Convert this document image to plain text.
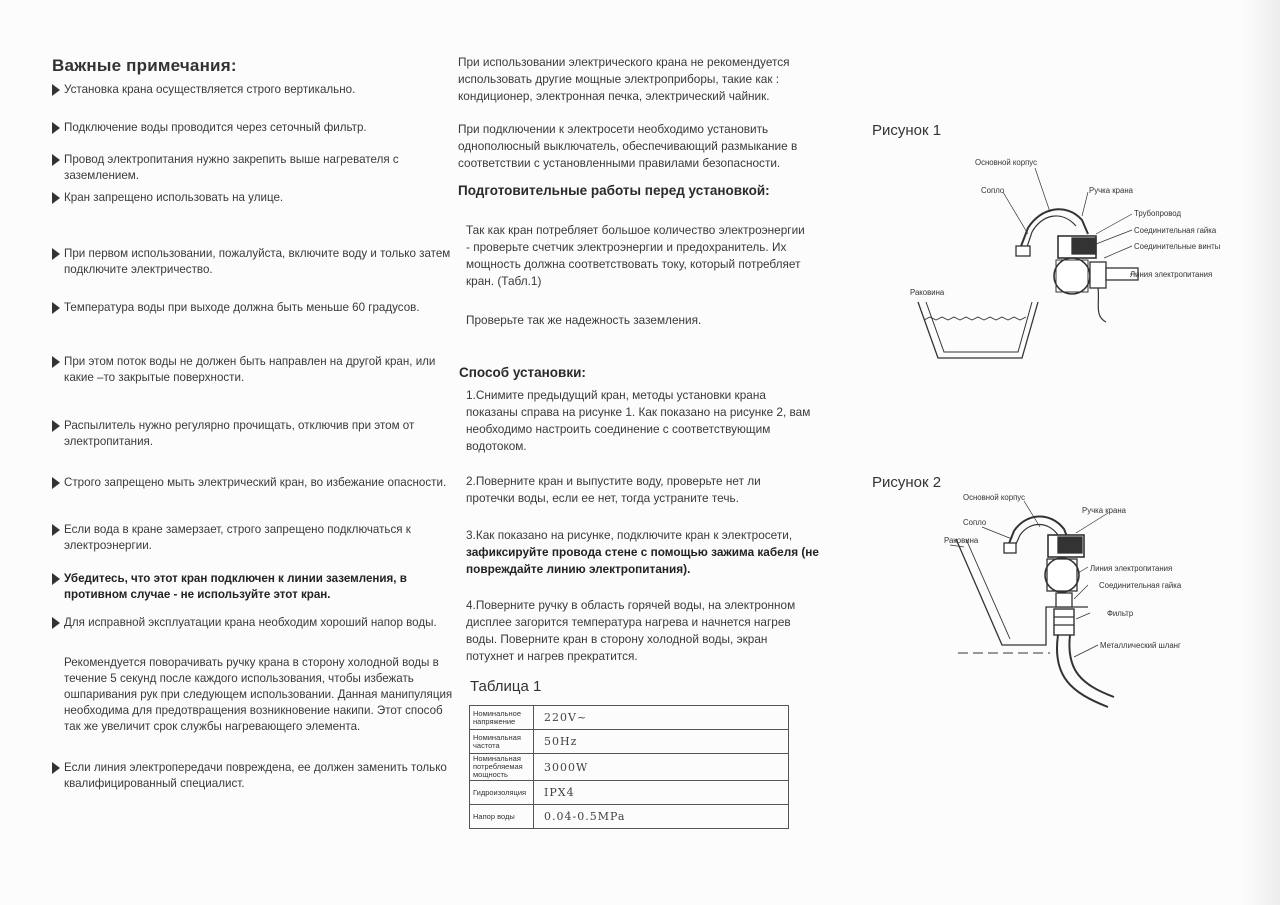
Важные примечания:
Установка крана осуществляется строго вертикально.
Подключение воды проводится через сеточный фильтр.
Провод электропитания нужно закрепить выше нагревателя с заземлением.
Кран запрещено использовать на улице.
При первом использовании, пожалуйста, включите воду и только затем подключите электричество.
Температура воды при выходе должна быть меньше 60 градусов.
При этом поток воды не должен быть направлен на другой кран, или какие –то закрытые поверхности.
Распылитель нужно регулярно прочищать, отключив при этом от электропитания.
Строго запрещено мыть электрический кран, во избежание опасности.
Если вода в кране замерзает, строго запрещено подключаться к электроэнергии.
Убедитесь, что этот кран подключен к линии заземления, в противном случае - не используйте этот кран.
Для исправной эксплуатации крана необходим хороший напор воды.
Рекомендуется поворачивать ручку крана в сторону холодной воды в течение 5 секунд после каждого использования, чтобы избежать ошпаривания рук при следующем использовании. Данная манипуляция необходима для предотвращения возникновение накипи. Этот способ так же увеличит срок службы нагревающего элемента.
Если линия электропередачи повреждена, ее должен заменить только квалифицированный специалист.
При использовании электрического крана не рекомендуется использовать другие мощные электроприборы, такие как : кондиционер, электронная печка, электрический чайник.
При подключении к электросети необходимо установить однополюсный выключатель, обеспечивающий размыкание в соответствии с установленными правилами безопасности.
Подготовительные работы перед установкой:
Так как кран потребляет большое количество электроэнергии - проверьте счетчик электроэнергии и предохранитель. Их мощность должна соответствовать току, который потребляет кран. (Табл.1)
Проверьте так же надежность заземления.
Способ установки:
1.Снимите предыдущий кран, методы установки крана показаны справа на рисунке 1. Как показано на рисунке 2, вам необходимо настроить соединение с соответствующим водотоком.
2.Поверните кран и выпустите воду, проверьте нет ли протечки воды, если ее нет, тогда устраните течь.
3.Как показано на рисунке, подключите кран к электросети, зафиксируйте провода стене с помощью зажима кабеля (не повреждайте линию электропитания).
4.Поверните ручку в область горячей воды, на электронном дисплее загорится температура нагрева и начнется нагрев воды. Поверните кран в сторону холодной воды, экран потухнет и нагрев прекратится.
Таблица 1
Номинальное напряжение	220V~
Номинальная частота	50Hz
Номинальная потребляемая мощность	3000W
Гидроизоляция	IPX4
Напор воды	0.04-0.5MPa
Рисунок 1
Основной корпус
Сопло	Ручка крана
Трубопровод
Соединительная гайка
Соединительные винты
Линия электропитания
Раковина
Рисунок 2
Основной корпус
Сопло
Ручка крана
Раковина
Линия электропитания
Соединительная гайка
Фильтр
Металлический шланг
